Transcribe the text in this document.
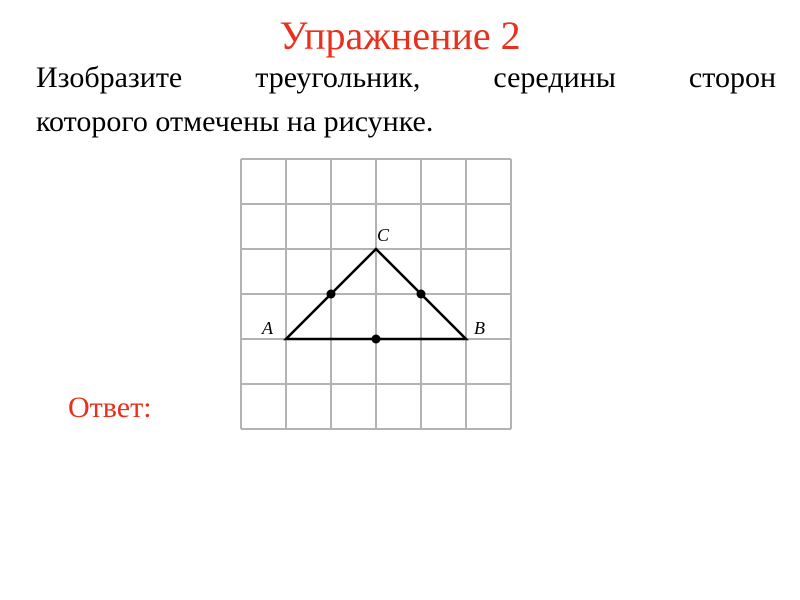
Упражнение 2
Изобразите треугольник, середины сторон
которого отмечены на рисунке.
A	B
C
Ответ:
